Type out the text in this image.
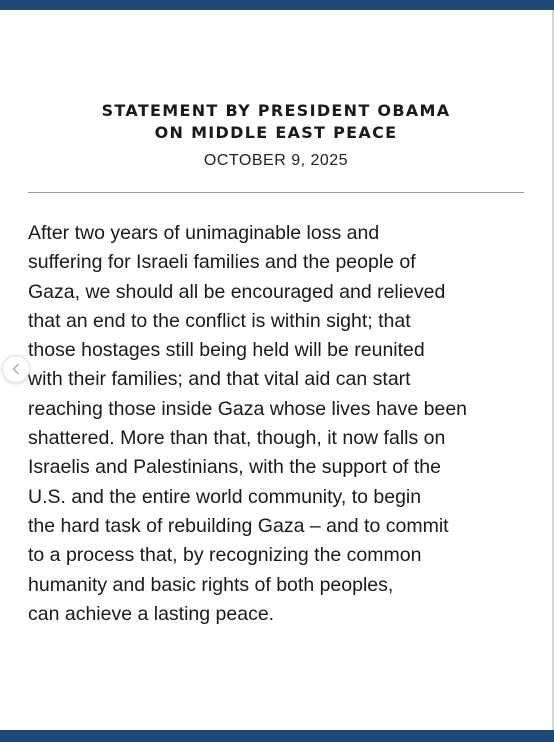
STATEMENT BY PRESIDENT OBAMA
ON MIDDLE EAST PEACE
OCTOBER 9, 2025
After two years of unimaginable loss and
suffering for Israeli families and the people of
Gaza, we should all be encouraged and relieved
that an end to the conflict is within sight; that
those hostages still being held will be reunited
with their families; and that vital aid can start
reaching those inside Gaza whose lives have been
shattered. More than that, though, it now falls on
Israelis and Palestinians, with the support of the
U.S. and the entire world community, to begin
the hard task of rebuilding Gaza – and to commit
to a process that, by recognizing the common
humanity and basic rights of both peoples,
can achieve a lasting peace.
